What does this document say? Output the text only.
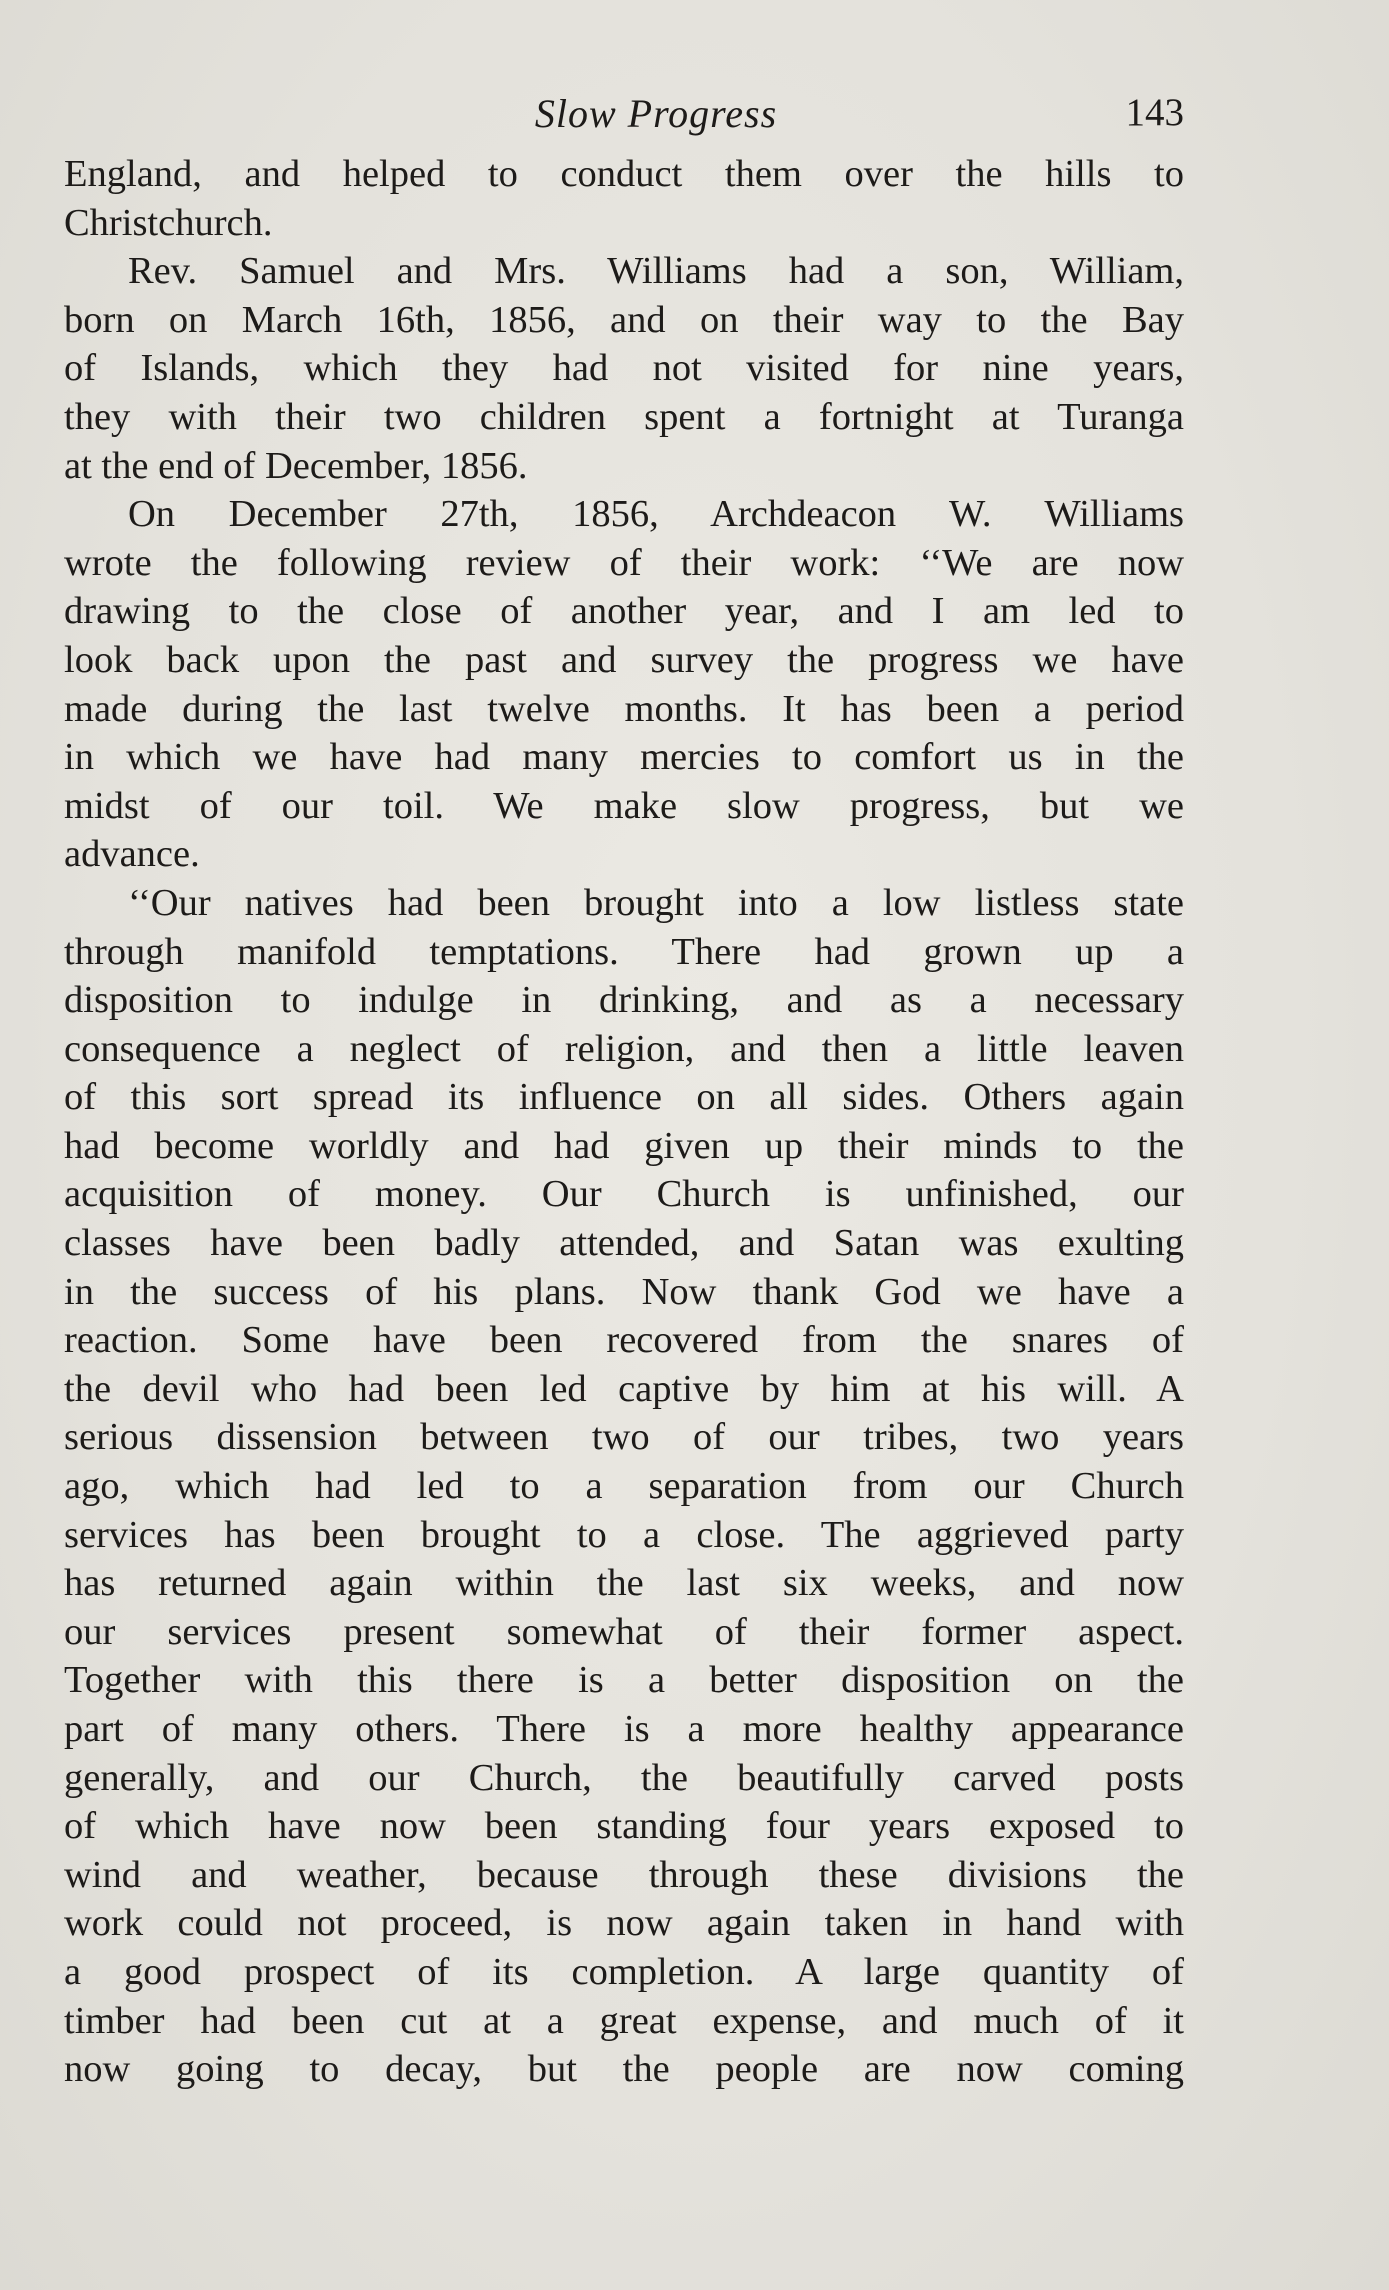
Slow Progress	143
England, and helped to conduct them over the hills to
Christchurch.
Rev. Samuel and Mrs. Williams had a son, William,
born on March 16th, 1856, and on their way to the Bay
of Islands, which they had not visited for nine years,
they with their two children spent a fortnight at Turanga
at the end of December, 1856.
On December 27th, 1856, Archdeacon W. Williams
wrote the following review of their work: ‘‘We are now
drawing to the close of another year, and I am led to
look back upon the past and survey the progress we have
made during the last twelve months. It has been a period
in which we have had many mercies to comfort us in the
midst of our toil. We make slow progress, but we
advance.
‘‘Our natives had been brought into a low listless state
through manifold temptations. There had grown up a
disposition to indulge in drinking, and as a necessary
consequence a neglect of religion, and then a little leaven
of this sort spread its influence on all sides. Others again
had become worldly and had given up their minds to the
acquisition of money. Our Church is unfinished, our
classes have been badly attended, and Satan was exulting
in the success of his plans. Now thank God we have a
reaction. Some have been recovered from the snares of
the devil who had been led captive by him at his will. A
serious dissension between two of our tribes, two years
ago, which had led to a separation from our Church
services has been brought to a close. The aggrieved party
has returned again within the last six weeks, and now
our services present somewhat of their former aspect.
Together with this there is a better disposition on the
part of many others. There is a more healthy appearance
generally, and our Church, the beautifully carved posts
of which have now been standing four years exposed to
wind and weather, because through these divisions the
work could not proceed, is now again taken in hand with
a good prospect of its completion. A large quantity of
timber had been cut at a great expense, and much of it
now going to decay, but the people are now coming
